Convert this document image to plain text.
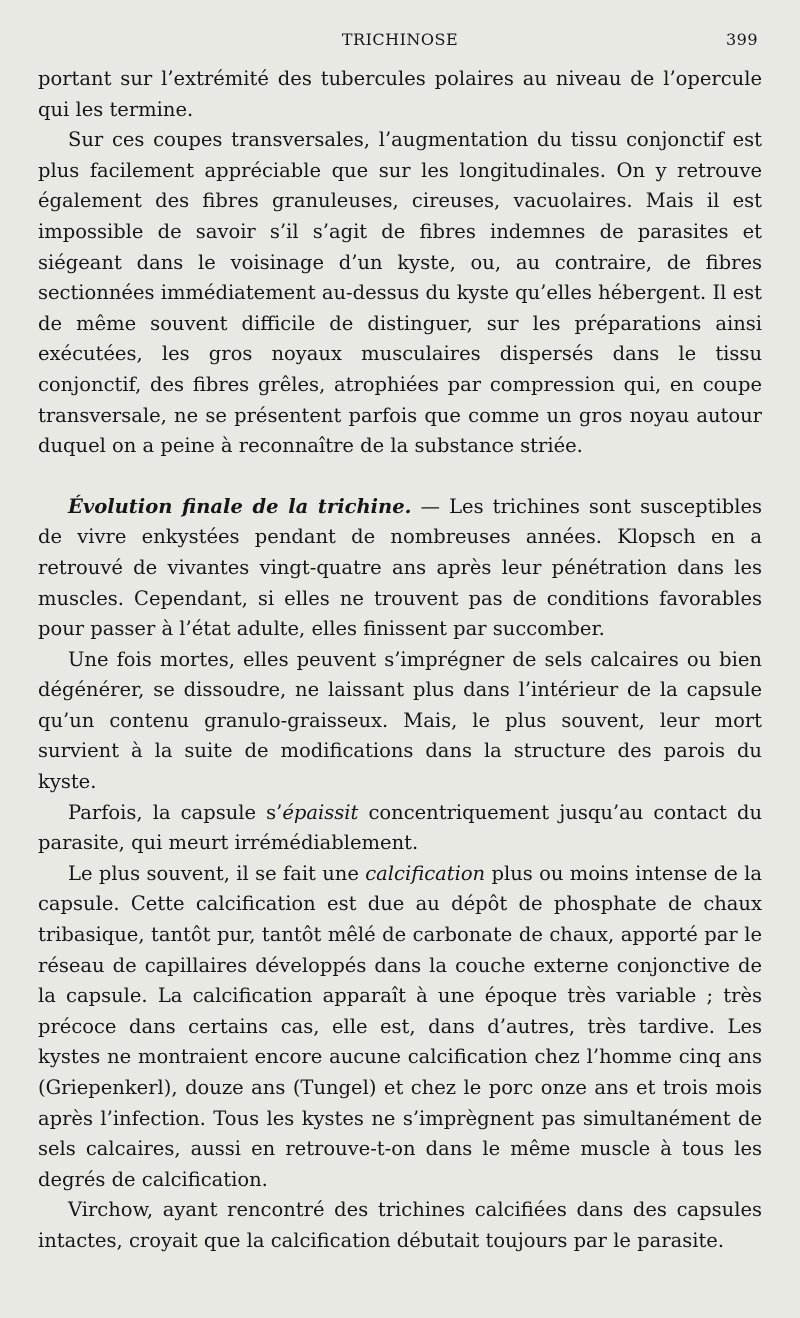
TRICHINOSE	399

portant sur l’extrémité des tubercules polaires au niveau de l’opercule qui les termine.

Sur ces coupes transversales, l’augmentation du tissu conjonctif est plus facilement appréciable que sur les longitudinales. On y retrouve également des fibres granuleuses, cireuses, vacuolaires. Mais il est impossible de savoir s’il s’agit de fibres indemnes de parasites et siégeant dans le voisinage d’un kyste, ou, au contraire, de fibres sectionnées immédiatement au-dessus du kyste qu’elles hébergent. Il est de même souvent difficile de distinguer, sur les préparations ainsi exécutées, les gros noyaux musculaires dispersés dans le tissu conjonctif, des fibres grêles, atrophiées par compression qui, en coupe transversale, ne se présentent parfois que comme un gros noyau autour duquel on a peine à reconnaître de la substance striée.

Évolution finale de la trichine. — Les trichines sont susceptibles de vivre enkystées pendant de nombreuses années. Klopsch en a retrouvé de vivantes vingt-quatre ans après leur pénétration dans les muscles. Cependant, si elles ne trouvent pas de conditions favorables pour passer à l’état adulte, elles finissent par succomber.

Une fois mortes, elles peuvent s’imprégner de sels calcaires ou bien dégénérer, se dissoudre, ne laissant plus dans l’intérieur de la capsule qu’un contenu granulo-graisseux. Mais, le plus souvent, leur mort survient à la suite de modifications dans la structure des parois du kyste.

Parfois, la capsule s’épaissit concentriquement jusqu’au contact du parasite, qui meurt irrémédiablement.

Le plus souvent, il se fait une calcification plus ou moins intense de la capsule. Cette calcification est due au dépôt de phosphate de chaux tribasique, tantôt pur, tantôt mêlé de carbonate de chaux, apporté par le réseau de capillaires développés dans la couche externe conjonctive de la capsule. La calcification apparaît à une époque très variable ; très précoce dans certains cas, elle est, dans d’autres, très tardive. Les kystes ne montraient encore aucune calcification chez l’homme cinq ans (Griepenkerl), douze ans (Tungel) et chez le porc onze ans et trois mois après l’infection. Tous les kystes ne s’imprègnent pas simultanément de sels calcaires, aussi en retrouve-t-on dans le même muscle à tous les degrés de calcification.

Virchow, ayant rencontré des trichines calcifiées dans des capsules intactes, croyait que la calcification débutait toujours par le parasite.
